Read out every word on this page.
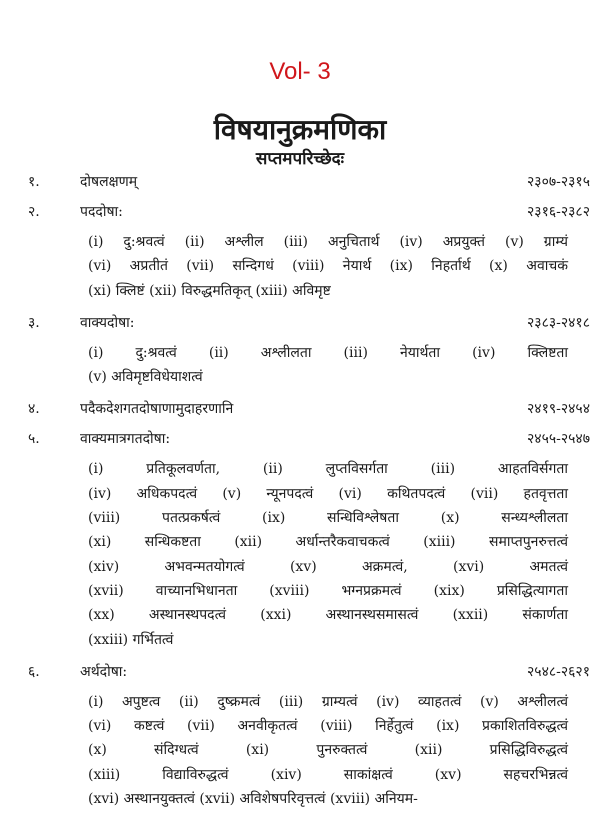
Vol- 3
विषयानुक्रमणिका
सप्तमपरिच्छेदः
१.	दोषलक्षणम्	२३०७-२३१५
२.	पददोषा:	२३१६-२३८२
(i) दु:श्रवत्वं (ii) अश्लील (iii) अनुचितार्थ (iv) अप्रयुक्तं (v) ग्राम्यं
(vi) अप्रतीतं (vii) सन्दिगधं (viii) नेयार्थ (ix) निहर्तार्थ (x) अवाचकं
(xi) क्लिष्टं (xii) विरुद्धमतिकृत् (xiii) अविमृष्ट
३.	वाक्यदोषा:	२३८३-२४१८
(i) दु:श्रवत्वं (ii) अश्लीलता (iii) नेयार्थता (iv) क्लिष्टता
(v) अविमृष्टविधेयाशत्वं
४.	पदैकदेशगतदोषाणामुदाहरणानि	२४१९-२४५४
५.	वाक्यमात्रगतदोषा:	२४५५-२५४७
(i) प्रतिकूलवर्णता, (ii) लुप्तविसर्गता (iii) आहतविर्सगता
(iv) अधिकपदत्वं (v) न्यूनपदत्वं (vi) कथितपदत्वं (vii) हतवृत्तता
(viii) पतत्प्रकर्षत्वं (ix) सन्धिविश्लेषता (x) सन्ध्यश्लीलता
(xi) सन्धिकष्टता (xii) अर्धान्तरैकवाचकत्वं (xiii) समाप्तपुनरुत्तत्वं
(xiv) अभवन्मतयोगत्वं (xv) अक्रमत्वं, (xvi) अमतत्वं
(xvii) वाच्यानभिधानता (xviii) भग्नप्रक्रमत्वं (xix) प्रसिद्धित्यागता
(xx) अस्थानस्थपदत्वं (xxi) अस्थानस्थसमासत्वं (xxii) संकार्णता
(xxiii) गर्भितत्वं
६.	अर्थदोषा:	२५४८-२६२१
(i) अपुष्टत्व (ii) दुष्क्रमत्वं (iii) ग्राम्यत्वं (iv) व्याहतत्वं (v) अश्लीलत्वं
(vi) कष्टत्वं (vii) अनवीकृतत्वं (viii) निर्हेतुत्वं (ix) प्रकाशितविरुद्धत्वं
(x) संदिग्धत्वं (xi) पुनरुक्तत्वं (xii) प्रसिद्धिविरुद्धत्वं
(xiii) विद्याविरुद्धत्वं (xiv) साकांक्षत्वं (xv) सहचरभिन्नत्वं
(xvi) अस्थानयुक्तत्वं (xvii) अविशेषपरिवृत्तत्वं (xviii) अनियम-
